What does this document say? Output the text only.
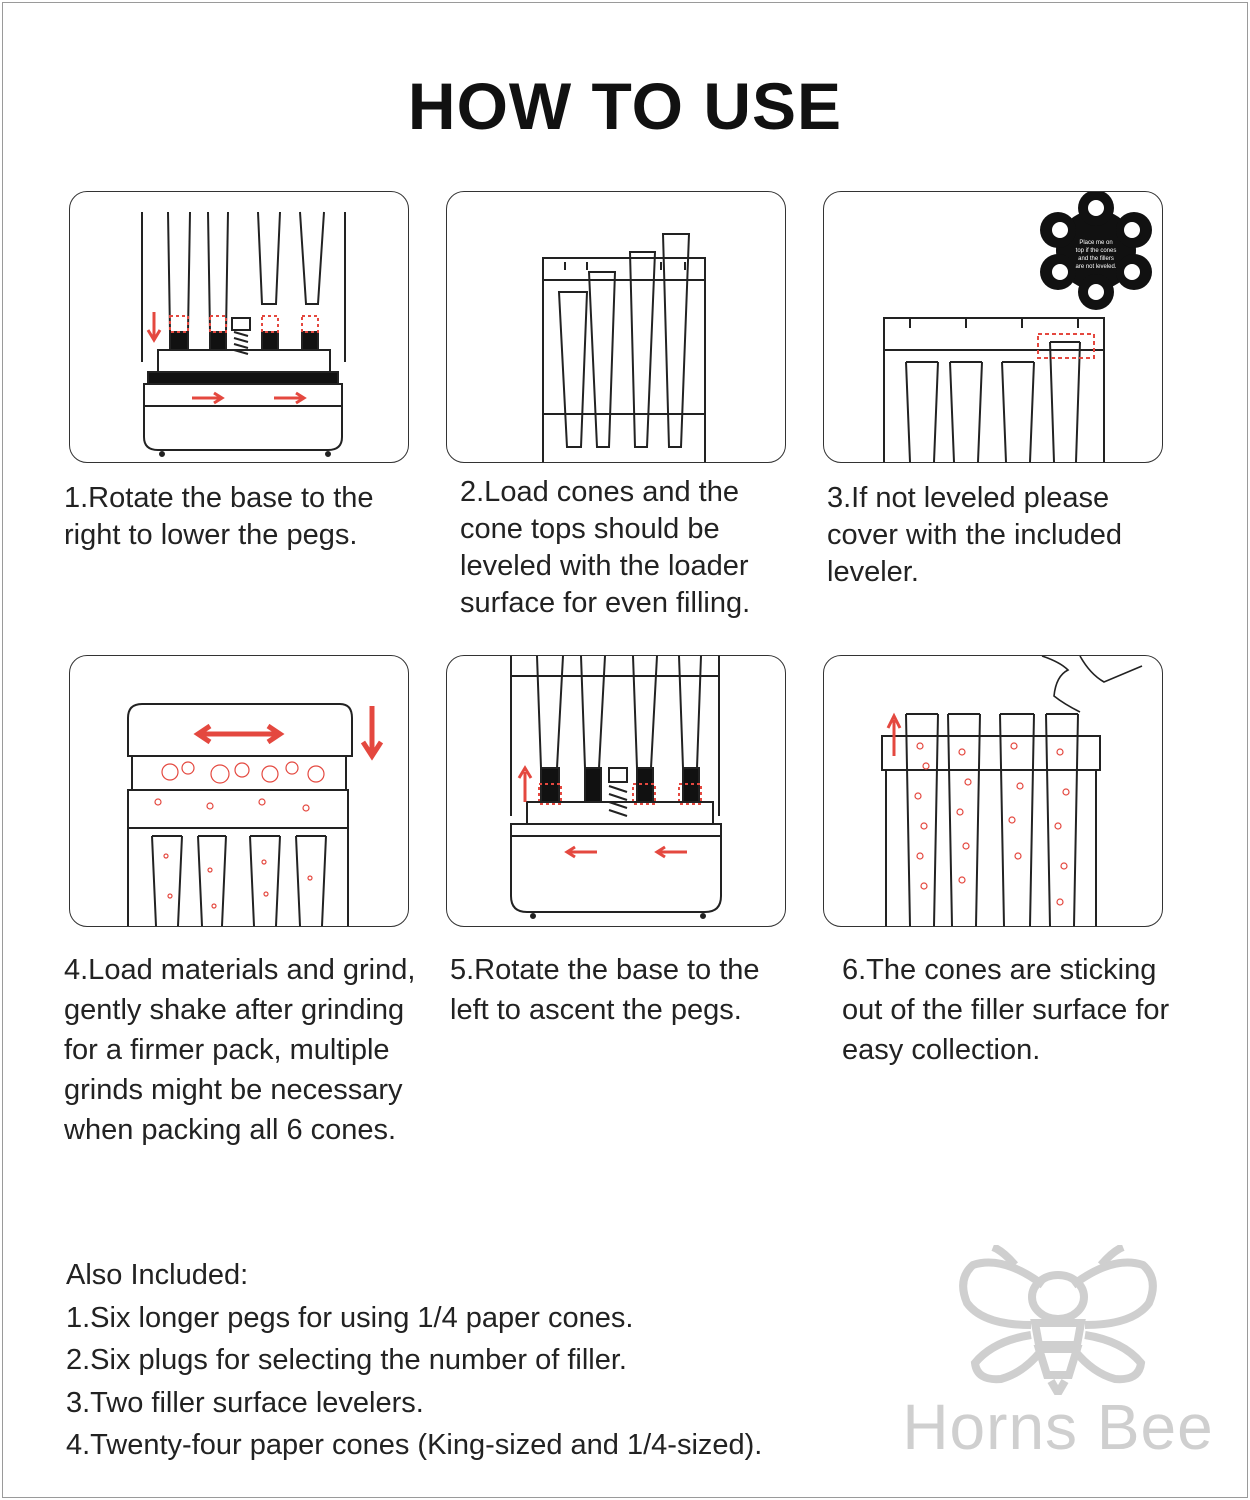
HOW TO USE
Place me on
top if the cones
and the fillers
are not leveled.
1.Rotate the base to the right to lower the pegs.
2.Load cones and the cone tops should be leveled with the loader surface for even filling.
3.If not leveled please cover with the included leveler.
4.Load materials and grind, gently shake after grinding for a firmer pack, multiple grinds might be necessary when packing all 6 cones.
5.Rotate the base to the left to ascent the pegs.
6.The cones are sticking out of the filler surface for easy collection.
Also Included:
1.Six longer pegs for using 1/4 paper cones.
2.Six plugs for selecting the number of filler.
3.Two filler surface levelers.
4.Twenty-four paper cones (King-sized and 1/4-sized). Horns Bee
